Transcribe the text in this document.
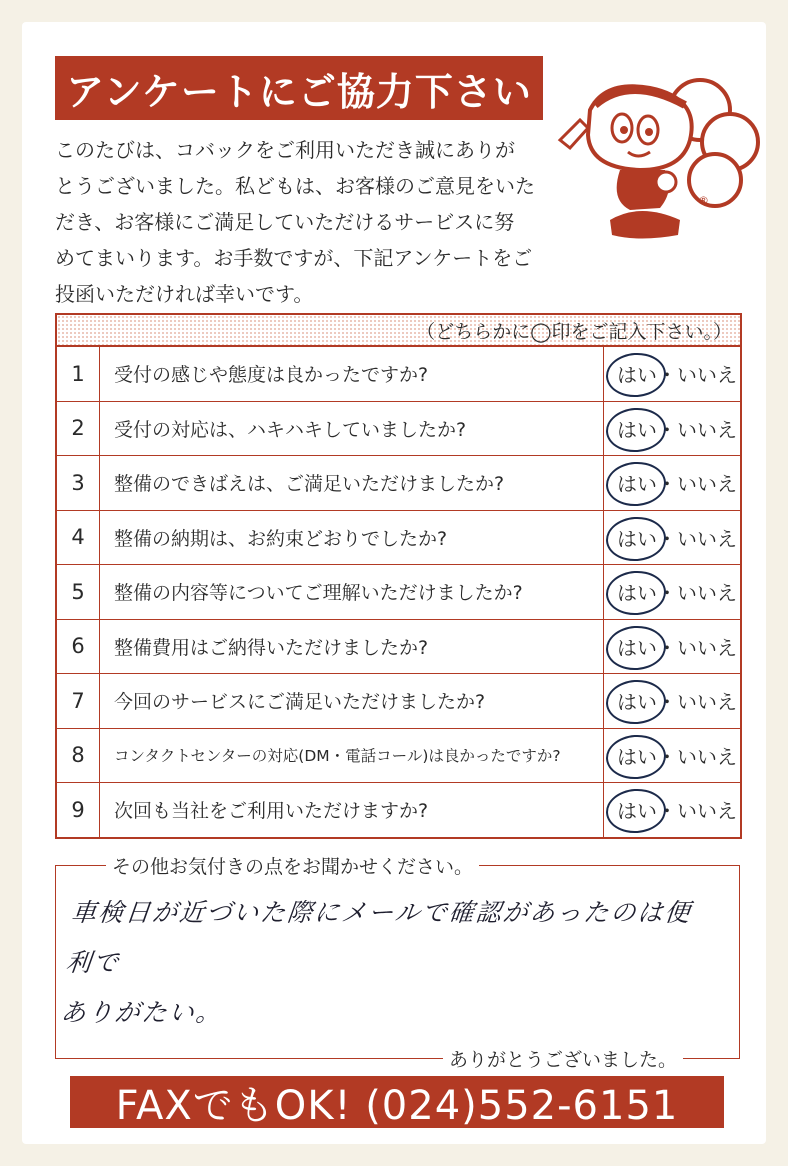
アンケートにご協力下さい
このたびは、コバックをご利用いただき誠にありが
とうございました。私どもは、お客様のご意見をいた
だき、お客様にご満足していただけるサービスに努
めてまいります。お手数ですが、下記アンケートをご
投函いただければ幸いです。
®
（どちらかに◯印をご記入下さい。）
1	受付の感じや態度は良かったですか?	はい ・いいえ
2	受付の対応は、ハキハキしていましたか?	はい ・いいえ
3	整備のできばえは、ご満足いただけましたか?	はい ・いいえ
4	整備の納期は、お約束どおりでしたか?	はい ・いいえ
5	整備の内容等についてご理解いただけましたか?	はい ・いいえ
6	整備費用はご納得いただけましたか?	はい ・いいえ
7	今回のサービスにご満足いただけましたか?	はい ・いいえ
8	コンタクトセンターの対応(DM・電話コール)は良かったですか?	はい ・いいえ
9	次回も当社をご利用いただけますか?	はい ・いいえ
その他お気付きの点をお聞かせください。
車検日が近づいた際にメールで確認があったのは便利で
ありがたい。
ありがとうございました。
FAXでもOK! (024)552-6151
